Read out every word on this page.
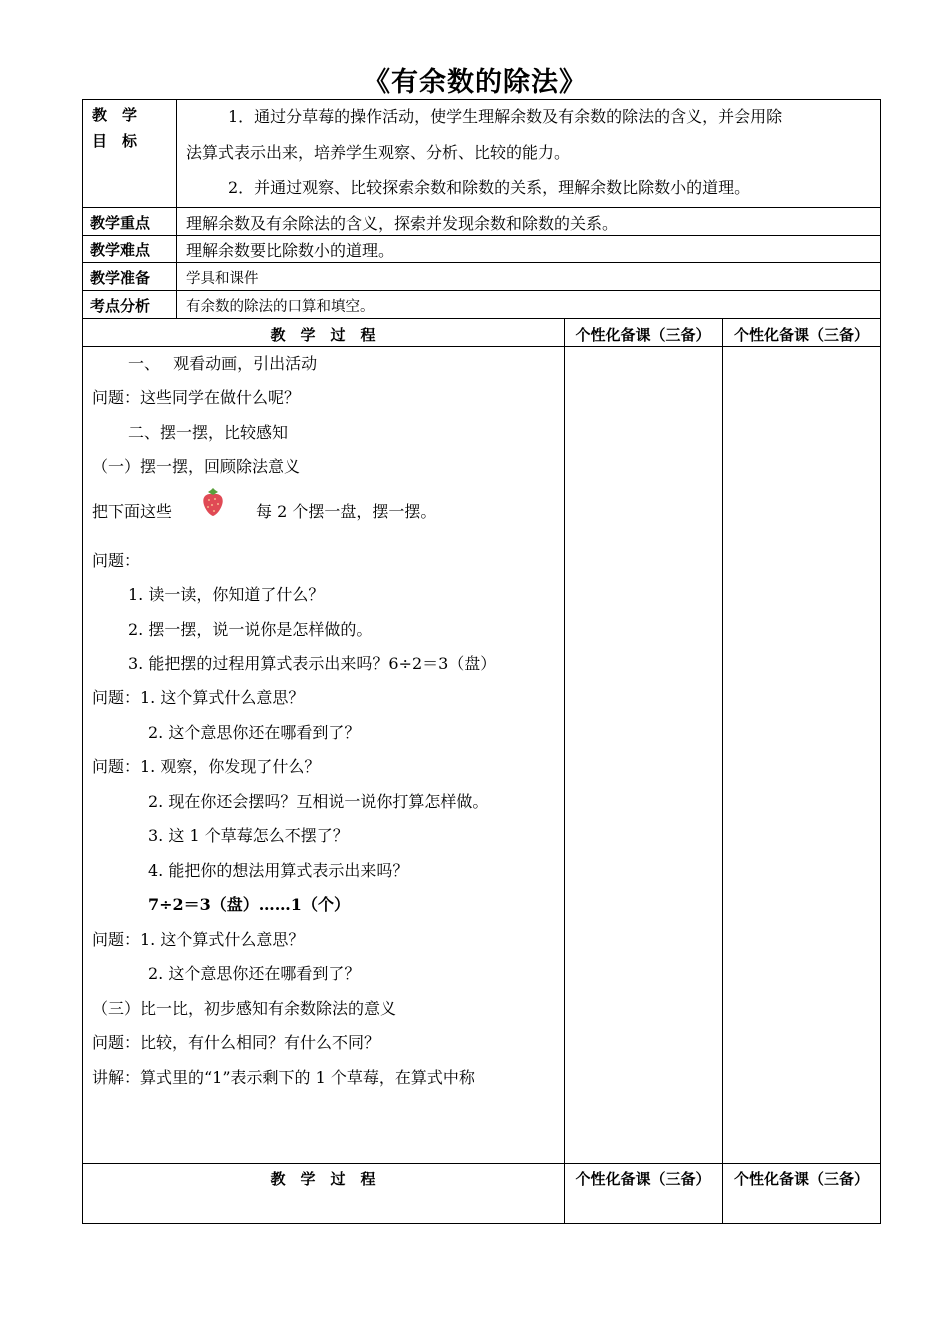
《有余数的除法》
教　学
目　标
1．通过分草莓的操作活动，使学生理解余数及有余数的除法的含义，并会用除
法算式表示出来，培养学生观察、分析、比较的能力。
2．并通过观察、比较探索余数和除数的关系，理解余数比除数小的道理。
教学重点 理解余数及有余除法的含义，探索并发现余数和除数的关系。
教学难点 理解余数要比除数小的道理。
教学准备 学具和课件
考点分析 有余数的除法的口算和填空。
教　学　过　程	个性化备课（三备）	个性化备课（三备）
一、　 观看动画，引出活动
问题：这些同学在做什么呢？
二、摆一摆，比较感知
（一）摆一摆，回顾除法意义
把下面这些	每 2 个摆一盘，摆一摆。
问题：
1. 读一读，你知道了什么？
2. 摆一摆，说一说你是怎样做的。
3. 能把摆的过程用算式表示出来吗？6÷2＝3（盘）
问题：1. 这个算式什么意思？
2. 这个意思你还在哪看到了？
问题：1. 观察，你发现了什么？
2. 现在你还会摆吗？互相说一说你打算怎样做。
3. 这 1 个草莓怎么不摆了？
4. 能把你的想法用算式表示出来吗？
7÷2＝3（盘）……1（个）
问题：1. 这个算式什么意思？
2. 这个意思你还在哪看到了？
（三）比一比，初步感知有余数除法的意义
问题：比较，有什么相同？有什么不同？
讲解：算式里的“1”表示剩下的 1 个草莓，在算式中称
教　学　过　程	个性化备课（三备）	个性化备课（三备）
